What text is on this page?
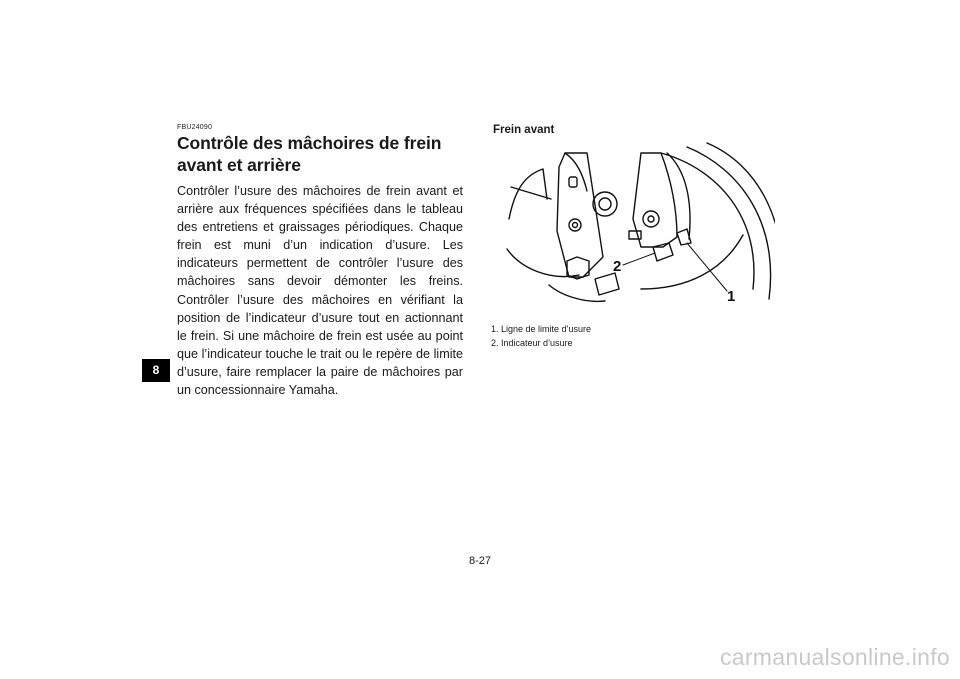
8
FBU24090
Contrôle des mâchoires de frein avant et arrière

Contrôler l’usure des mâchoires de frein avant et arrière aux fréquences spécifiées dans le tableau des entretiens et graissages périodiques. Chaque frein est muni d’un indication d’usure. Les indicateurs permettent de contrôler l’usure des mâchoires sans devoir démonter les freins. Contrôler l’usure des mâchoires en vérifiant la position de l’indicateur d’usure tout en actionnant le frein. Si une mâchoire de frein est usée au point que l’indicateur touche le trait ou le repère de limite d’usure, faire remplacer la paire de mâchoires par un concessionnaire Yamaha.

Frein avant
2
1
1. Ligne de limite d’usure
2. Indicateur d’usure
8-27
carmanualsonline.info
